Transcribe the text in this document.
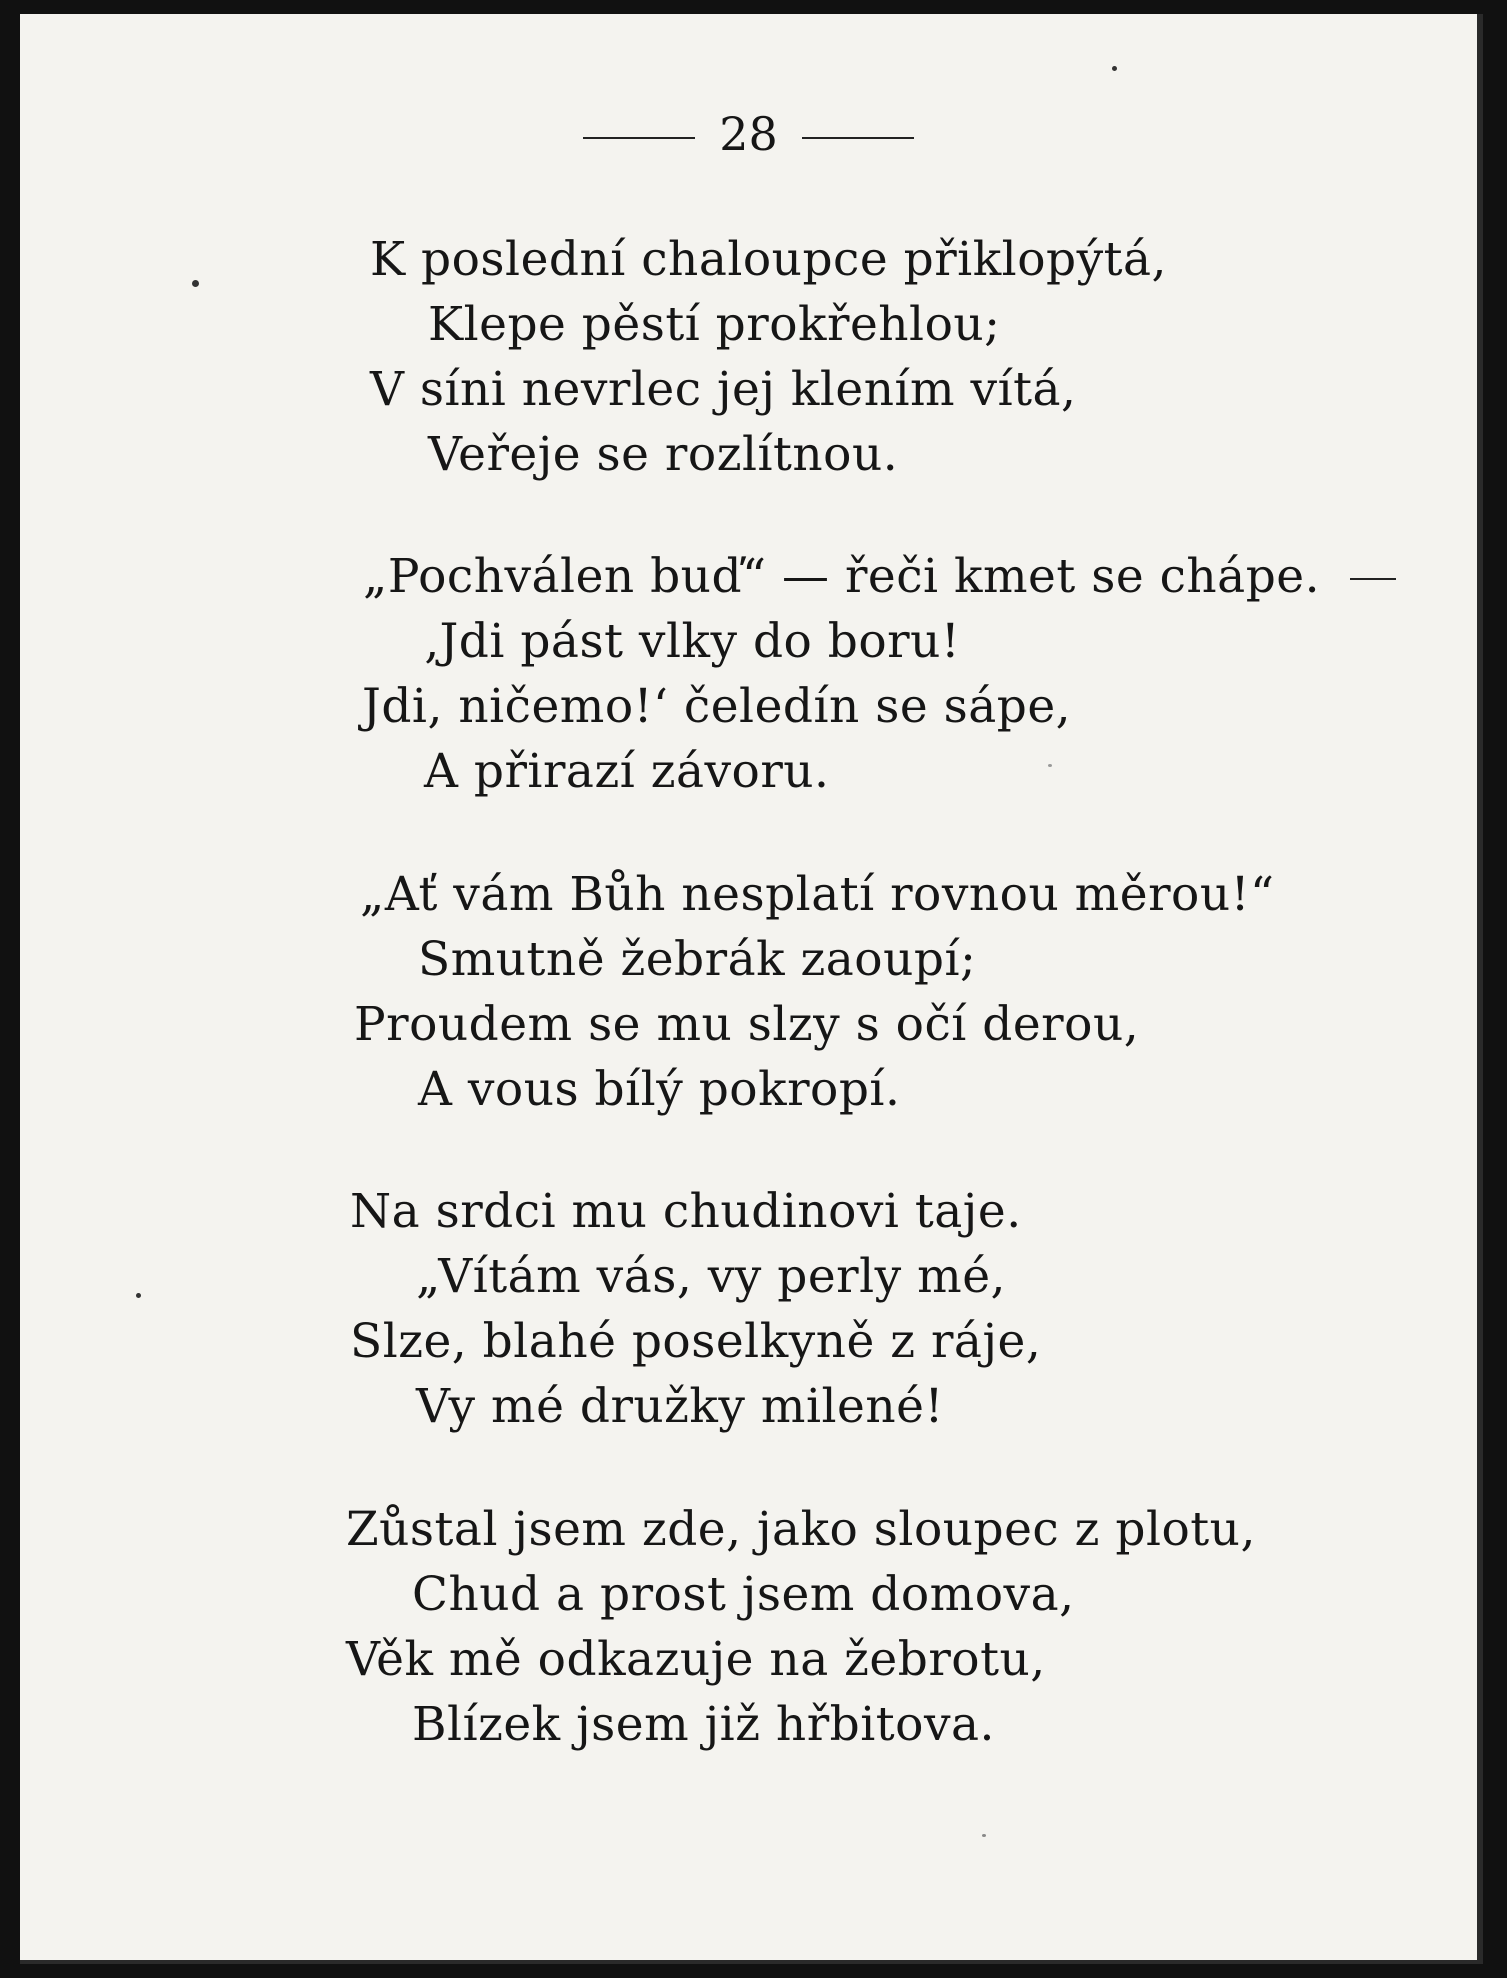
28
K poslední chaloupce přiklopýtá,
Klepe pěstí prokřehlou;
V síni nevrlec jej klením vítá,
Veřeje se rozlítnou.
„Pochválen buď“ — řeči kmet se chápe.
‚Jdi pást vlky do boru!
Jdi, ničemo!‘ čeledín se sápe,
A přirazí závoru.
„Ať vám Bůh nesplatí rovnou měrou!“
Smutně žebrák zaoupí;
Proudem se mu slzy s očí derou,
A vous bílý pokropí.
Na srdci mu chudinovi taje.
„Vítám vás, vy perly mé,
Slze, blahé poselkyně z ráje,
Vy mé družky milené!
Zůstal jsem zde, jako sloupec z plotu,
Chud a prost jsem domova,
Věk mě odkazuje na žebrotu,
Blízek jsem již hřbitova.
